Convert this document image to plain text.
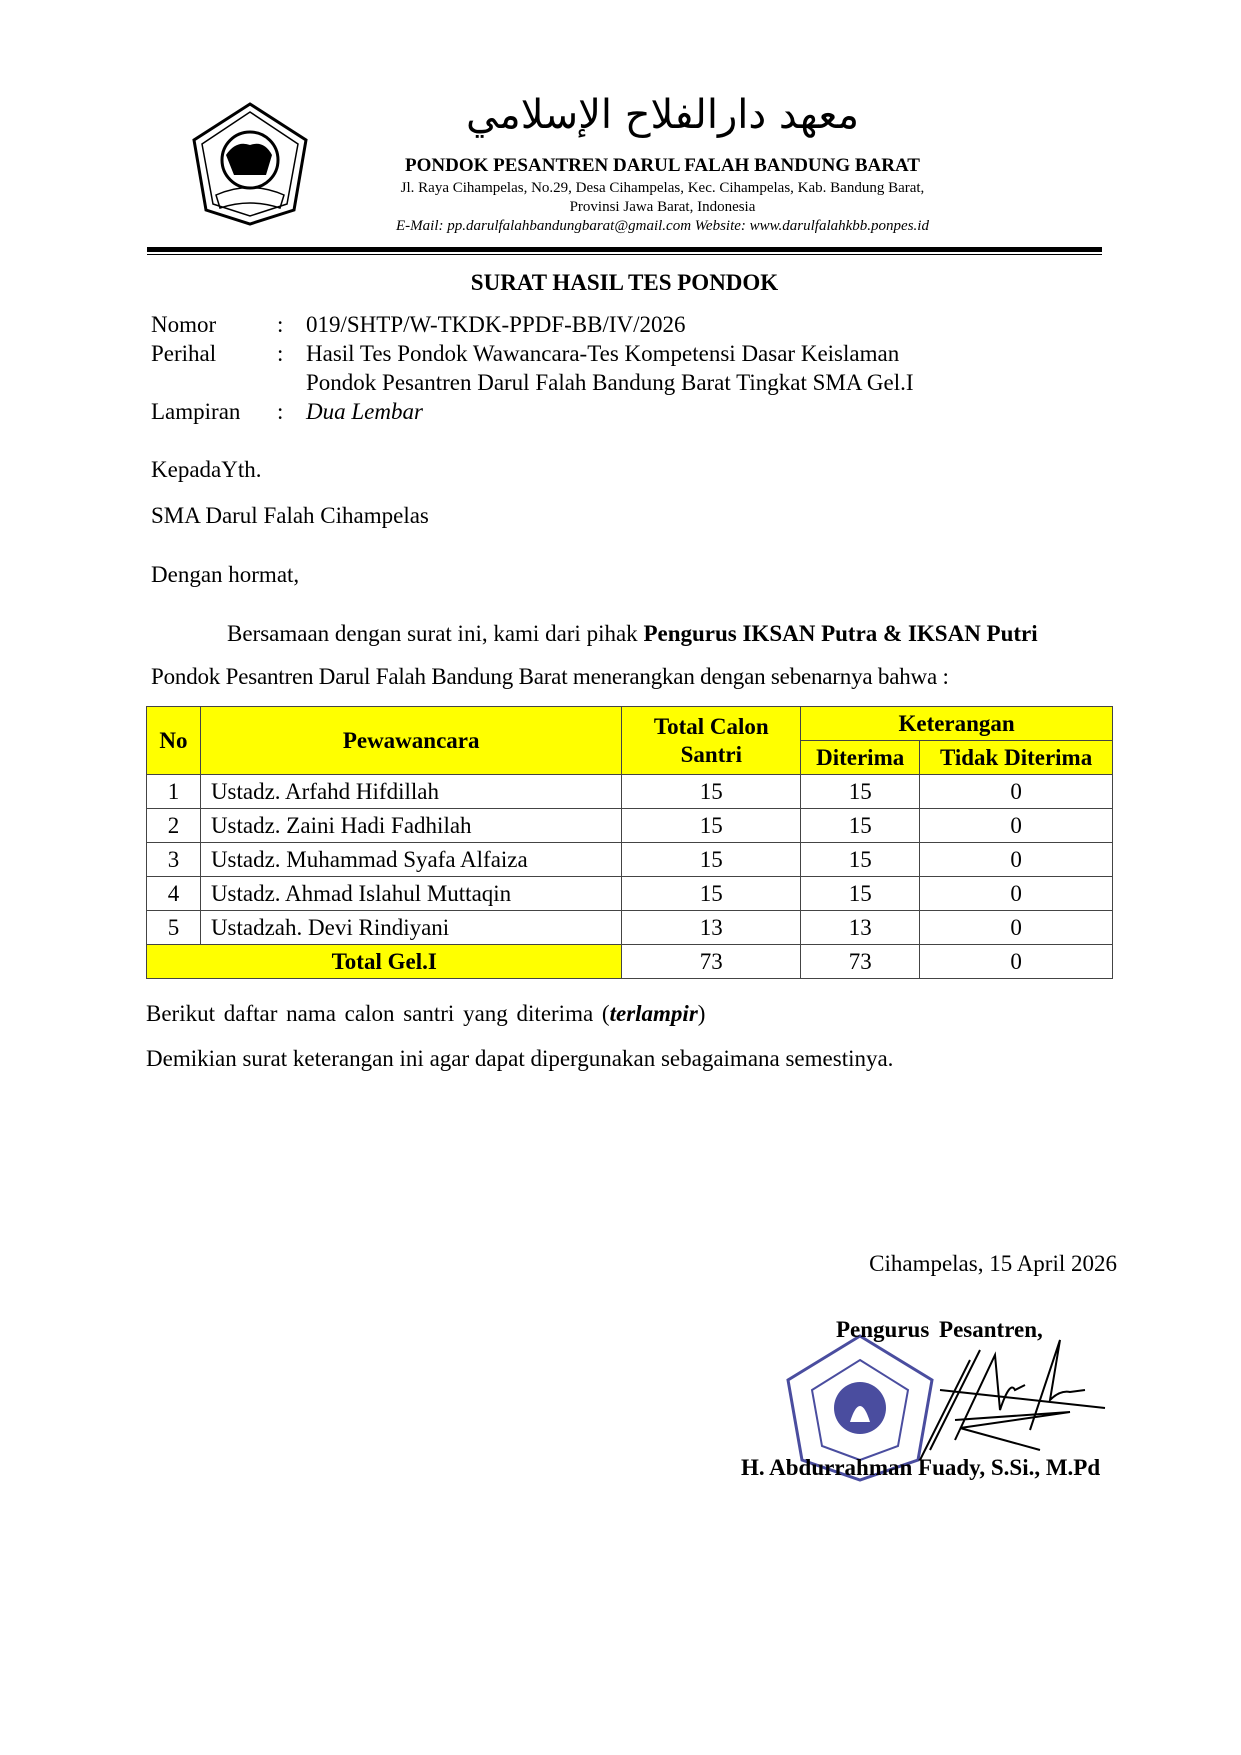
معهد دارالفلاح الإسلامي
PONDOK PESANTREN DARUL FALAH BANDUNG BARAT
Jl. Raya Cihampelas, No.29, Desa Cihampelas, Kec. Cihampelas, Kab. Bandung Barat,
Provinsi Jawa Barat, Indonesia
E-Mail: pp.darulfalahbandungbarat@gmail.com Website: www.darulfalahkbb.ponpes.id
SURAT HASIL TES PONDOK
Nomor	: 019/SHTP/W-TKDK-PPDF-BB/IV/2026
Perihal	: Hasil Tes Pondok Wawancara-Tes Kompetensi Dasar Keislaman
Pondok Pesantren Darul Falah Bandung Barat Tingkat SMA Gel.I
Lampiran : Dua Lembar
KepadaYth.
SMA Darul Falah Cihampelas
Dengan hormat,
Bersamaan dengan surat ini, kami dari pihak Pengurus IKSAN Putra & IKSAN Putri
Pondok Pesantren Darul Falah Bandung Barat menerangkan dengan sebenarnya bahwa :
No	Pewawancara	Total Calon Santri	Keterangan	
			Diterima	Tidak Diterima
1	Ustadz. Arfahd Hifdillah	15	15	0
2	Ustadz. Zaini Hadi Fadhilah	15	15	0
3	Ustadz. Muhammad Syafa Alfaiza	15	15	0
4	Ustadz. Ahmad Islahul Muttaqin	15	15	0
5	Ustadzah. Devi Rindiyani	13	13	0
Total Gel.I		73	73	0
Berikut daftar nama calon santri yang diterima (terlampir)
Demikian surat keterangan ini agar dapat dipergunakan sebagaimana semestinya.
Cihampelas, 15 April 2026
Pengurus Pesantren,
H. Abdurrahman Fuady, S.Si., M.Pd
